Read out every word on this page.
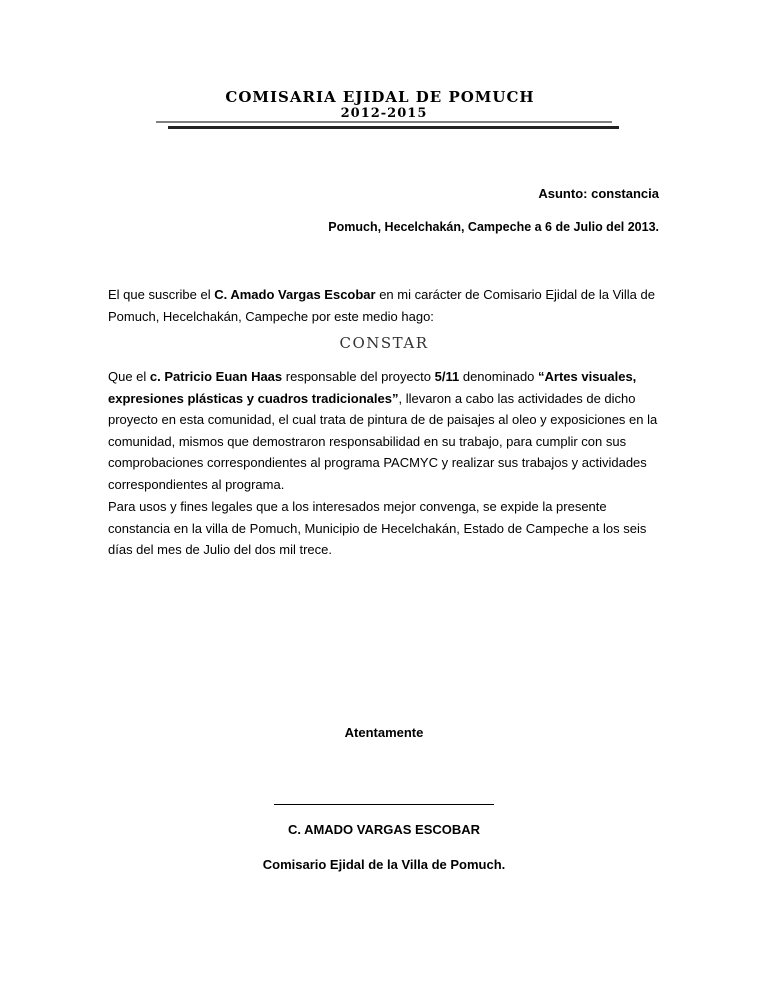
COMISARIA EJIDAL DE POMUCH
2012-2015
Asunto: constancia
Pomuch, Hecelchakán, Campeche a 6 de Julio del 2013.
El que suscribe el C. Amado Vargas Escobar en mi carácter de Comisario Ejidal de la Villa de Pomuch, Hecelchakán, Campeche por este medio hago:
CONSTAR
Que el c. Patricio Euan Haas responsable del proyecto 5/11 denominado “Artes visuales, expresiones plásticas y cuadros tradicionales”, llevaron a cabo las actividades de dicho proyecto en esta comunidad, el cual trata de pintura de de paisajes al oleo y exposiciones en la comunidad, mismos que demostraron responsabilidad en su trabajo, para cumplir con sus comprobaciones correspondientes al programa PACMYC y realizar sus trabajos y actividades correspondientes al programa.
Para usos y fines legales que a los interesados mejor convenga, se expide la presente constancia en la villa de Pomuch, Municipio de Hecelchakán, Estado de Campeche a los seis días del mes de Julio del dos mil trece.
Atentamente
C. AMADO VARGAS ESCOBAR
Comisario Ejidal de la Villa de Pomuch.
